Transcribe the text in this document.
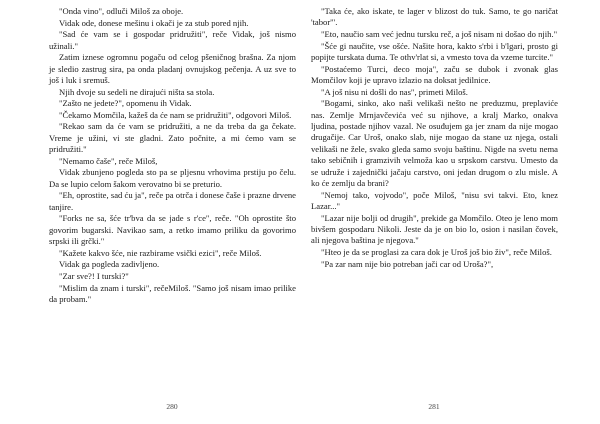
"Onda vino", odluči Miloš za oboje.

Vidak ode, donese mešinu i okači je za stub pored njih.

"Sad će vam se i gospodar pridružiti", reče Vidak, još nismo užinali."

Zatim iznese ogromnu pogaču od celog pšeničnog brašna. Za njom je sledio zastrug sira, pa onda pladanj ovnujskog pečenja. A uz sve to još i luk i sremuš.

Njih dvoje su sedeli ne dirajući ništa sa stola.

"Zašto ne jedete?", opomenu ih Vidak.

"Čekamo Momčila, kažeš da će nam se pridružiti", odgovori Miloš.

"Rekao sam da će vam se pridružiti, a ne da treba da ga čekate. Vreme je užini, vi ste gladni. Zato počnite, a mi ćemo vam se pridružiti."

"Nemamo čaše", reče Miloš,

Vidak zbunjeno pogleda sto pa se pljesnu vrhovima prstiju po čelu. Da se lupio celom šakom verovatno bi se preturio.

"Eh, oprostite, sad ću ja", reče pa otrča i donese čaše i prazne drvene tanjire.

"Forks ne sa, šće tr'bva da se jade s r'ce", reče. "Oh oprostite što govorim bugarski. Navikao sam, a retko imamo priliku da govorimo srpski ili grčki."

"Kažete kakvo šće, nie razbirame vsički ezici", reče Miloš.

Vidak ga pogleda zadivljeno.

"Zar sve?! I turski?"

"Mislim da znam i turski", rečeMiloš. "Samo još nisam imao prilike da probam."

"Taka će, ako iskate, te lager v blizost do tuk. Samo, te go naričat 'tabor'".

"Eto, naučio sam već jednu tursku reč, a još nisam ni došao do njih."

"Šće gi naučite, vse ošće. Našite hora, kakto s'rbi i b'lgari, prosto gi popijte turskata duma. Te othv'rlat si, a vmesto tova da vzeme turcite."

"Postaćemo Turci, deco moja", začu se dubok i zvonak glas Momčilov koji je upravo izlazio na doksat jedilnice.

"A još nisu ni došli do nas", primeti Miloš.

"Bogami, sinko, ako naši velikaši nešto ne preduzmu, preplaviće nas. Zemlje Mrnjavčevića već su njihove, a kralj Marko, onakva ljudina, postade njihov vazal. Ne osuđujem ga jer znam da nije mogao drugačije. Car Uroš, onako slab, nije mogao da stane uz njega, ostali velikaši ne žele, svako gleda samo svoju baštinu. Nigde na svetu nema tako sebičnih i gramzivih velmoža kao u srpskom carstvu. Umesto da se udruže i zajednički jačaju carstvo, oni jedan drugom o zlu misle. A ko će zemlju da brani?

"Nemoj tako, vojvodo", poče Miloš, "nisu svi takvi. Eto, knez Lazar..."

"Lazar nije bolji od drugih", prekide ga Momčilo. Oteo je leno mom bivšem gospodaru Nikoli. Jeste da je on bio lo, osion i nasilan čovek, ali njegova baština je njegova."

"Hteo je da se proglasi za cara dok je Uroš još bio živ", reče Miloš.

"Pa zar nam nije bio potreban jači car od Uroša?",

280	281
